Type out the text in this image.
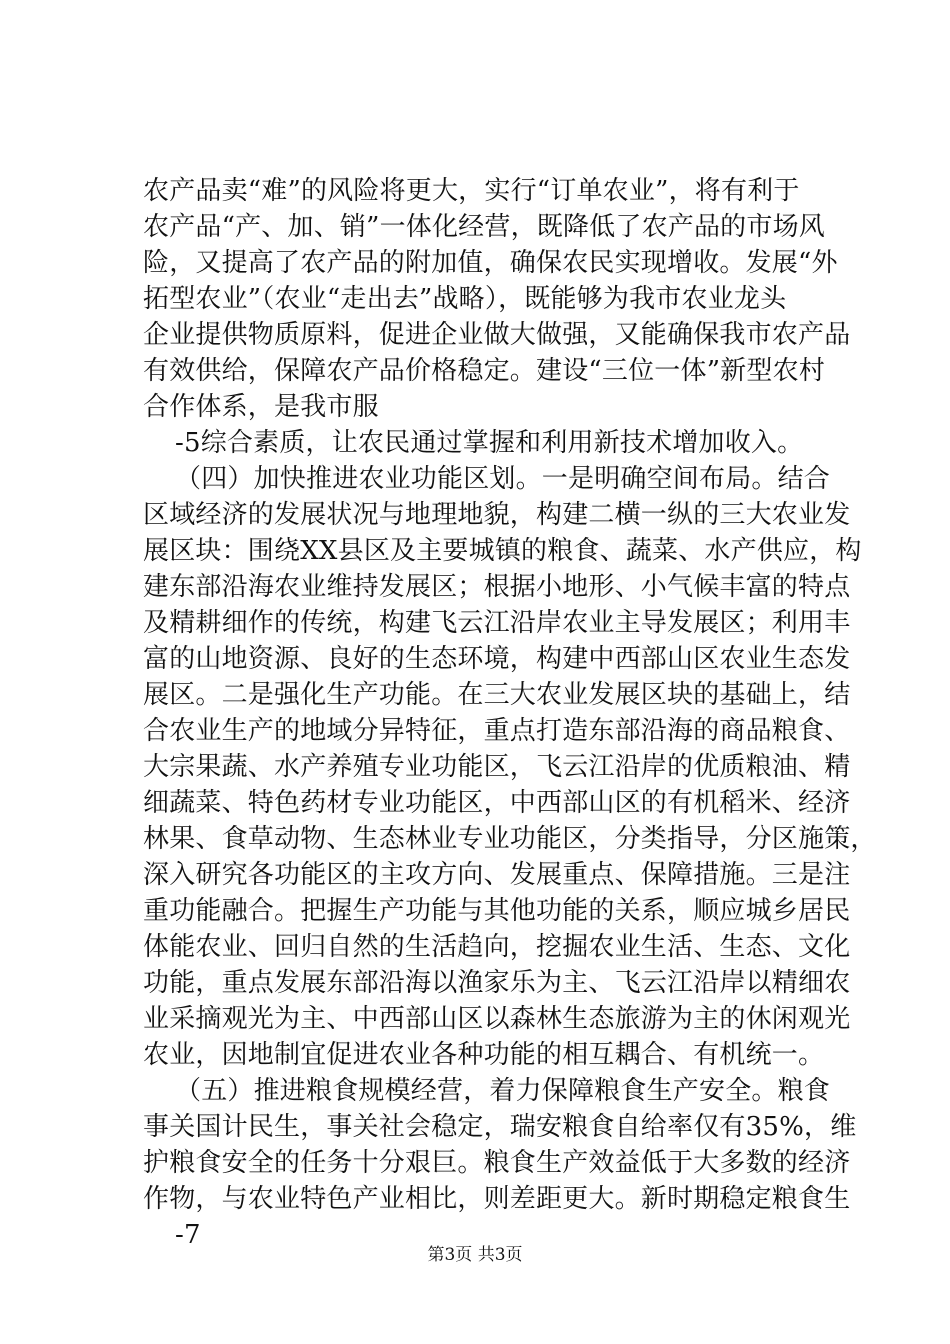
农产品卖“难”的风险将更大，实行“订单农业”，将有利于
农产品“产、加、销”一体化经营，既降低了农产品的市场风
险，又提高了农产品的附加值，确保农民实现增收。发展“外
拓型农业”（农业“走出去”战略），既能够为我市农业龙头
企业提供物质原料，促进企业做大做强，又能确保我市农产品
有效供给，保障农产品价格稳定。建设“三位一体”新型农村
合作体系，是我市服
-5综合素质，让农民通过掌握和利用新技术增加收入。
（四）加快推进农业功能区划。一是明确空间布局。结合
区域经济的发展状况与地理地貌，构建二横一纵的三大农业发
展区块：围绕XX县区及主要城镇的粮食、蔬菜、水产供应，构
建东部沿海农业维持发展区；根据小地形、小气候丰富的特点
及精耕细作的传统，构建飞云江沿岸农业主导发展区；利用丰
富的山地资源、良好的生态环境，构建中西部山区农业生态发
展区。二是强化生产功能。在三大农业发展区块的基础上，结
合农业生产的地域分异特征，重点打造东部沿海的商品粮食、
大宗果蔬、水产养殖专业功能区，飞云江沿岸的优质粮油、精
细蔬菜、特色药材专业功能区，中西部山区的有机稻米、经济
林果、食草动物、生态林业专业功能区，分类指导，分区施策，
深入研究各功能区的主攻方向、发展重点、保障措施。三是注
重功能融合。把握生产功能与其他功能的关系，顺应城乡居民
体能农业、回归自然的生活趋向，挖掘农业生活、生态、文化
功能，重点发展东部沿海以渔家乐为主、飞云江沿岸以精细农
业采摘观光为主、中西部山区以森林生态旅游为主的休闲观光
农业，因地制宜促进农业各种功能的相互耦合、有机统一。
（五）推进粮食规模经营，着力保障粮食生产安全。粮食
事关国计民生，事关社会稳定，瑞安粮食自给率仅有35%，维
护粮食安全的任务十分艰巨。粮食生产效益低于大多数的经济
作物，与农业特色产业相比，则差距更大。新时期稳定粮食生
-7
第3页 共3页
